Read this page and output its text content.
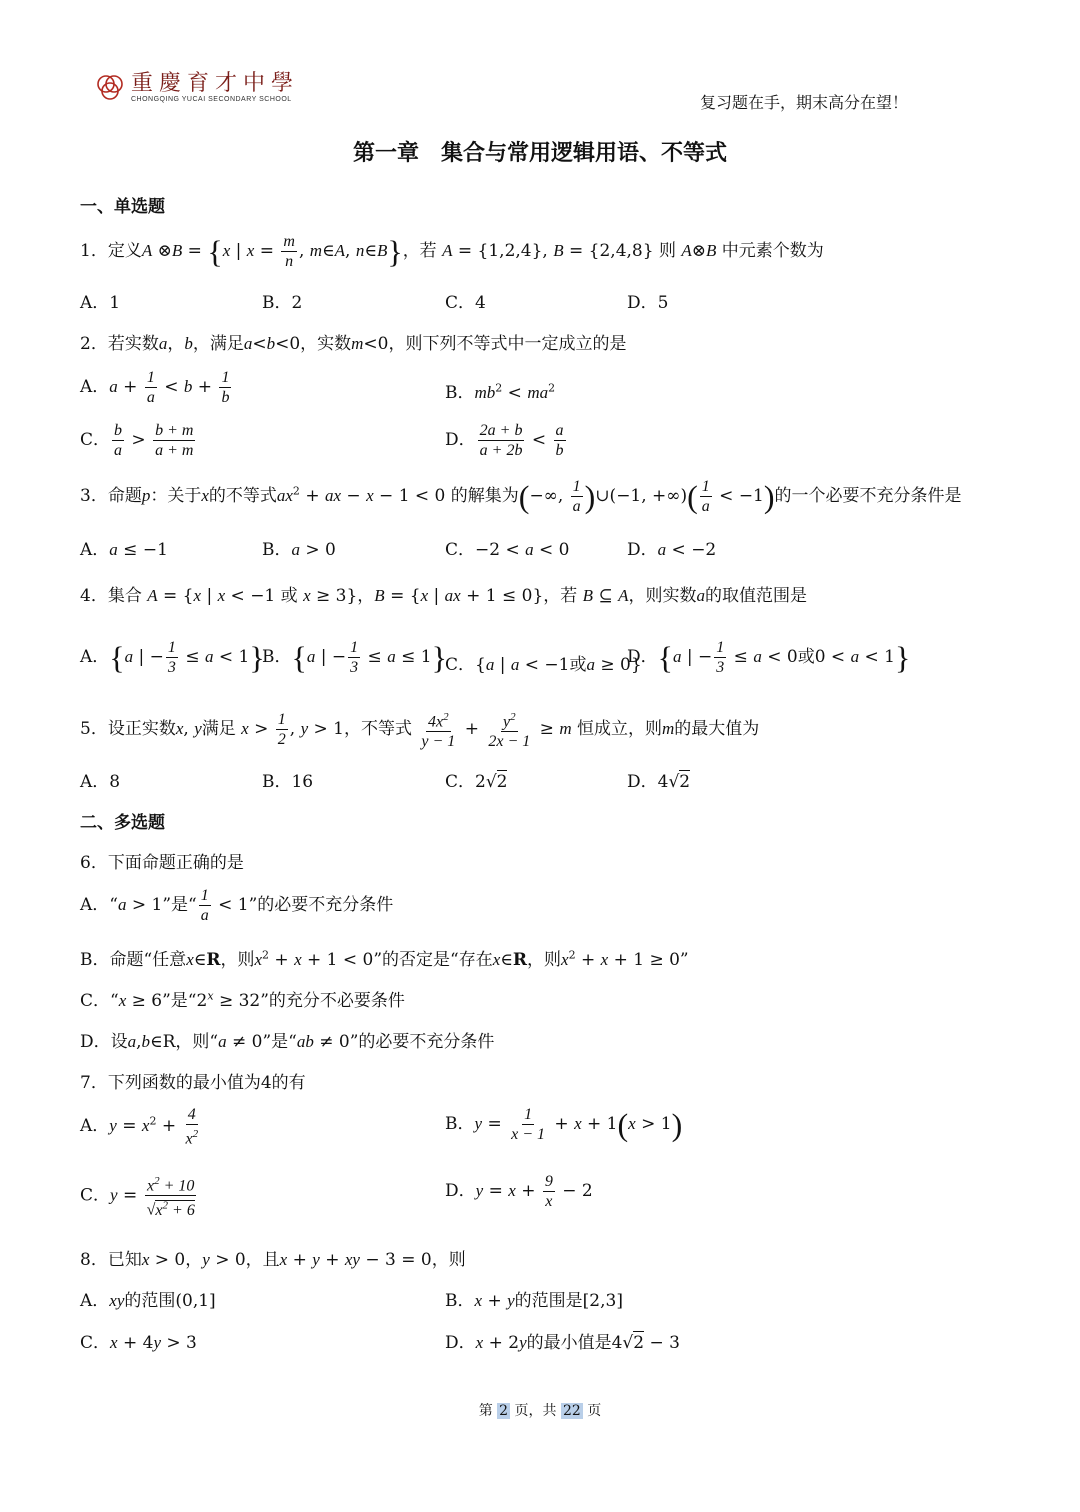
重慶育才中學
CHONGQING YUCAI SECONDARY SCHOOL	复习题在手，期末高分在望！
第一章　集合与常用逻辑用语、不等式
一、单选题
1．定义A ⊗B = {x | $x = \frac{m}{n}$ , m∈A, n∈B}，若 A = {1,2,4}, B = {2,4,8} 则 A⊗B 中元素个数为
A．1	B．2	C．4	D．5
2．若实数a，b，满足a<b<0，实数m<0，则下列不等式中一定成立的是
A．$a + \frac{1}{a} < b + \frac{1}{b}$	B．$mb^2 < ma^2$
C． $\frac{b}{a} > \frac{b + m}{a + m}$	D． $\frac{2a + b}{a + 2b} < \frac{a}{b}$
3．命题p：关于x的不等式$ax^2$ + ax − x − 1 < 0 的解集为(−∞, $\frac{1}{a}$ )∪(−1, +∞)( $\frac{1}{a} < -1$)的一个必要不充分条件是
A．a ≤ −1	B．a > 0	C．−2 < a < 0	D．a < −2
4．集合 A = {x | x < −1 或 x ≥ 3}，B = {x | ax + 1 ≤ 0}，若 B ⊆ A，则实数a的取值范围是
A．{a | − $\frac{1}{3} \le a < 1$}
B．{a | − $\frac{1}{3} \le a \le 1$}
C．{a | a < −1或a ≥ 0}
D．{a | − $\frac{1}{3} \le a < 0$或0 < a < 1}
5．设正实数x, y满足 $x > \frac{1}{2}$ , y > 1，不等式 $\frac{4x^2}{y - 1} + \frac{y^2}{2x - 1} \ge m$ 恒成立，则m的最大值为
A．8	B．16	C．2√2	D．4√2
二、多选题
6．下面命题正确的是
A．“a > 1”是“ $\frac{1}{a} < 1$”的必要不充分条件
B．命题“任意x∈R，则$x^2 + x + 1 < 0$”的否定是“存在x∈R，则$x^2 + x + 1 \ge 0$”
C．“x ≥ 6”是“$2^x \ge 32$”的充分不必要条件
D．设a,b∈R，则“a ≠ 0”是“ab ≠ 0”的必要不充分条件
7．下列函数的最小值为4的有
A．$y = x^2 + \frac{4}{x^2}$	B．$y = \frac{1}{x - 1} + x + 1(x > 1)$
C．$y = \frac{x^2 + 10}{√x^2 + 6}$	D．$y = x + \frac{9}{x} - 2$
8．已知x > 0，y > 0，且x + y + xy − 3 = 0，则
A．xy的范围(0,1]	B．x + y的范围是[2,3]
C．x + 4y > 3	D．x + 2y的最小值是4√2 − 3
第 2 页，共 22 页
